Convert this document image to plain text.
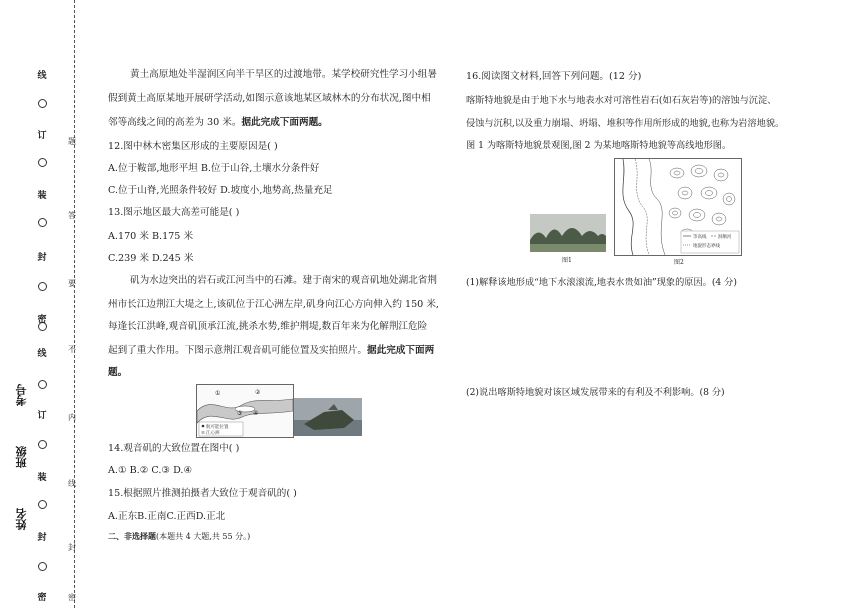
线
订
装
封
密
线
订
装
封
密
题
答
要
不
内
线
封
密
考号
班级
姓名
黄土高原地处半湿润区向半干旱区的过渡地带。某学校研究性学习小组暑
假到黄土高原某地开展研学活动,如图示意该地某区域林木的分布状况,图中相
邻等高线之间的高差为 30 米。据此完成下面两题。
12.图中林木密集区形成的主要原因是( )
A.位于鞍部,地形平坦 B.位于山谷,土壤水分条件好
C.位于山脊,光照条件较好 D.坡度小,地势高,热量充足
13.图示地区最大高差可能是( )
A.170 米 B.175 米
C.239 米 D.245 米
矶为水边突出的岩石或江河当中的石滩。建于南宋的观音矶地处湖北省荆
州市长江边荆江大堤之上,该矶位于江心洲左岸,矶身向江心方向伸入约 150 米,
每逢长江洪峰,观音矶顶承江流,挑杀水势,维护荆堤,数百年来为化解荆江危险
起到了重大作用。下图示意荆江观音矶可能位置及实拍照片。据此完成下面两
题。
①	②
③ ④
航可能位置
江心洲
14.观音矶的大致位置在图中( )
A.① B.② C.③ D.④
15.根据照片推测拍摄者大致位于观音矶的( )
A.正东B.正南C.正西D.正北
二、非选择题(本题共 4 大题,共 55 分。)
16.阅读图文材料,回答下列问题。(12 分)
喀斯特地貌是由于地下水与地表水对可溶性岩石(如石灰岩等)的溶蚀与沉淀、
侵蚀与沉积,以及重力崩塌、坍塌、堆积等作用所形成的地貌,也称为岩溶地貌。
图 1 为喀斯特地貌景观图,图 2 为某地喀斯特地貌等高线地形图。
图1
等高线	洞顺河
地貌形态界线
图2
(1)解释该地形成“地下水滚滚流,地表水贵如油”现象的原因。(4 分)
(2)说出喀斯特地貌对该区域发展带来的有利及不利影响。(8 分)
